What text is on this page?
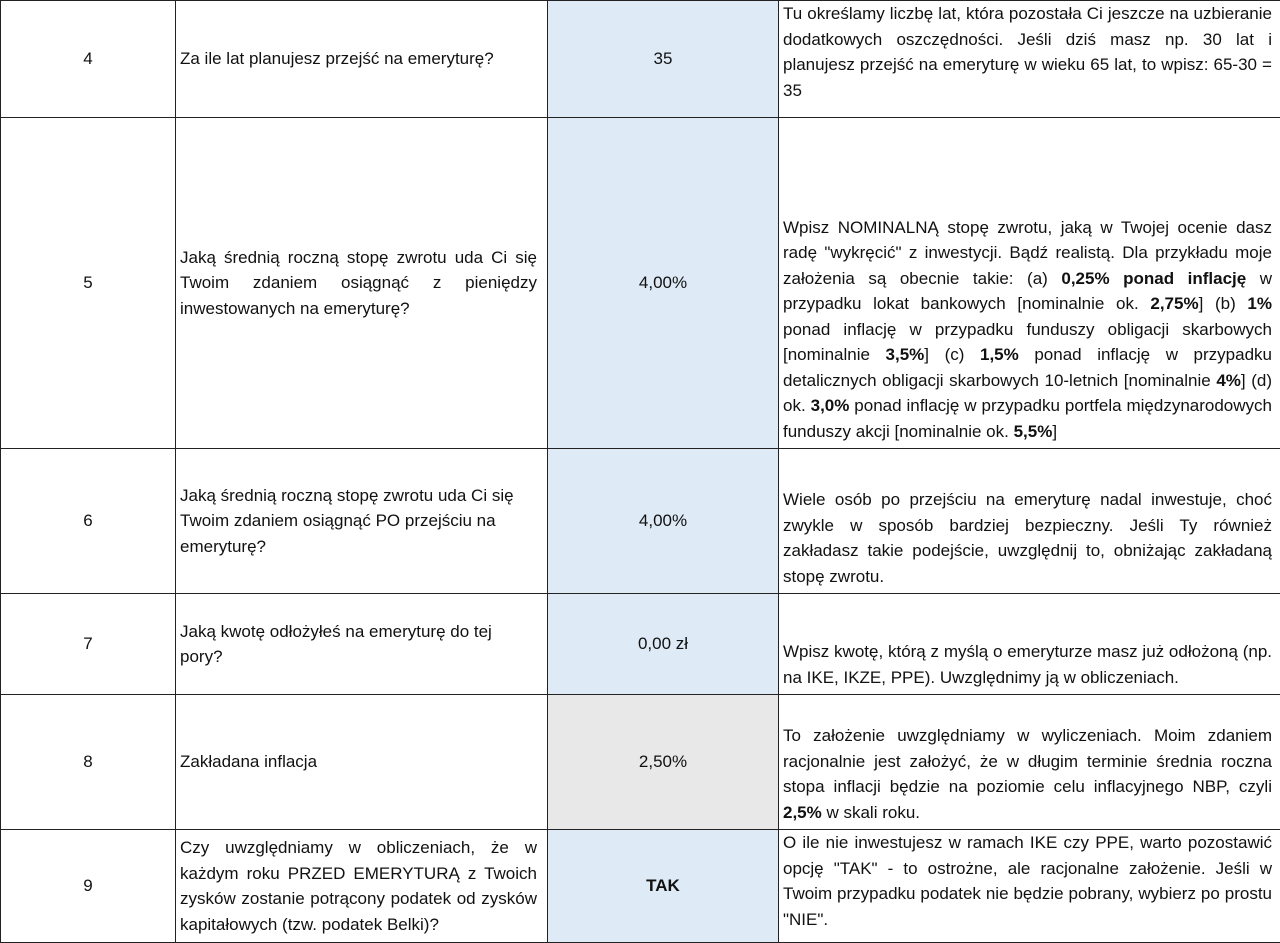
4	Za ile lat planujesz przejść na emeryturę?	35	Tu określamy liczbę lat, która pozostała Ci jeszcze na uzbieranie dodatkowych oszczędności. Jeśli dziś masz np. 30 lat i planujesz przejść na emeryturę w wieku 65 lat, to wpisz: 65-30 = 35
5	Jaką średnią roczną stopę zwrotu uda Ci się Twoim zdaniem osiągnąć z pieniędzy inwestowanych na emeryturę?	4,00%	Wpisz NOMINALNĄ stopę zwrotu, jaką w Twojej ocenie dasz radę "wykręcić" z inwestycji. Bądź realistą. Dla przykładu moje założenia są obecnie takie: (a) 0,25% ponad inflację w przypadku lokat bankowych [nominalnie ok. 2,75%] (b) 1% ponad inflację w przypadku funduszy obligacji skarbowych [nominalnie 3,5%] (c) 1,5% ponad inflację w przypadku detalicznych obligacji skarbowych 10-letnich [nominalnie 4%] (d) ok. 3,0% ponad inflację w przypadku portfela międzynarodowych funduszy akcji [nominalnie ok. 5,5%]
6	Jaką średnią roczną stopę zwrotu uda Ci się Twoim zdaniem osiągnąć PO przejściu na emeryturę?	4,00%	Wiele osób po przejściu na emeryturę nadal inwestuje, choć zwykle w sposób bardziej bezpieczny. Jeśli Ty również zakładasz takie podejście, uwzględnij to, obniżając zakładaną stopę zwrotu.
7	Jaką kwotę odłożyłeś na emeryturę do tej pory?	0,00 zł	Wpisz kwotę, którą z myślą o emeryturze masz już odłożoną (np. na IKE, IKZE, PPE). Uwzględnimy ją w obliczeniach.
8	Zakładana inflacja	2,50%	To założenie uwzględniamy w wyliczeniach. Moim zdaniem racjonalnie jest założyć, że w długim terminie średnia roczna stopa inflacji będzie na poziomie celu inflacyjnego NBP, czyli 2,5% w skali roku.
9	Czy uwzględniamy w obliczeniach, że w każdym roku PRZED EMERYTURĄ z Twoich zysków zostanie potrącony podatek od zysków kapitałowych (tzw. podatek Belki)?	TAK	O ile nie inwestujesz w ramach IKE czy PPE, warto pozostawić opcję "TAK" - to ostrożne, ale racjonalne założenie. Jeśli w Twoim przypadku podatek nie będzie pobrany, wybierz po prostu "NIE".
